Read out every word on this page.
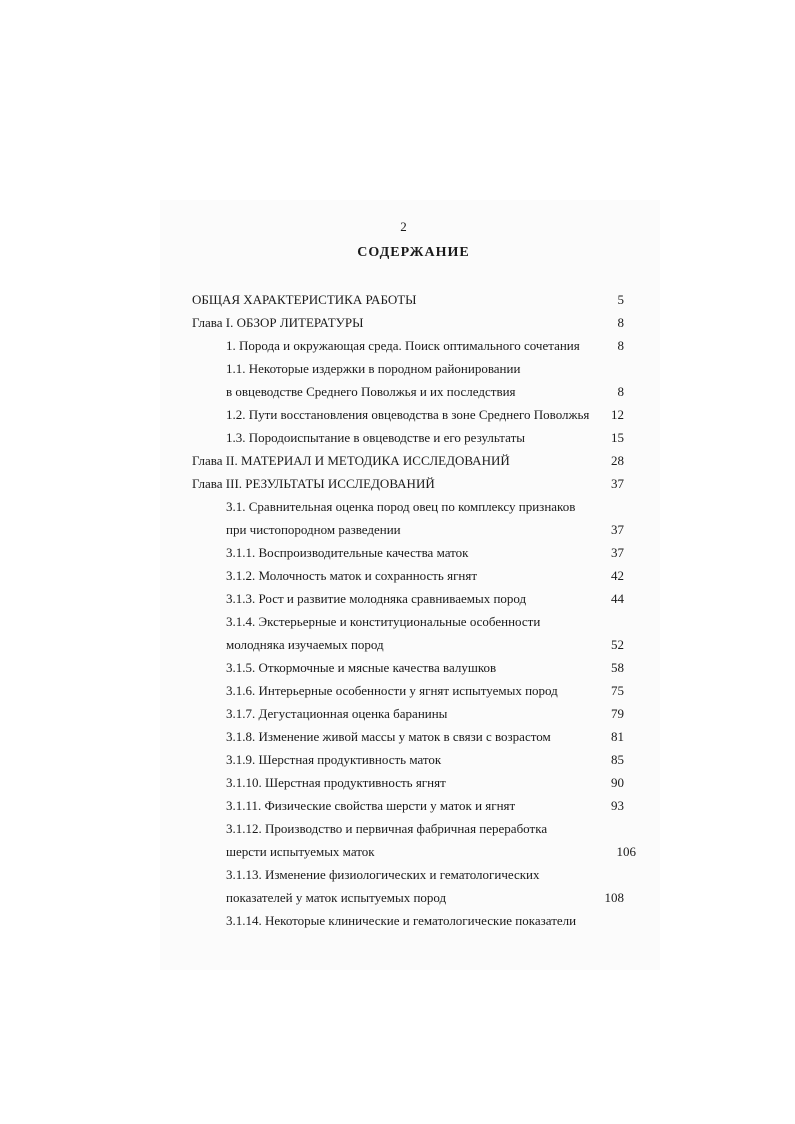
2
СОДЕРЖАНИЕ
ОБЩАЯ ХАРАКТЕРИСТИКА РАБОТЫ	5
Глава I. ОБЗОР ЛИТЕРАТУРЫ	8
1. Порода и окружающая среда. Поиск оптимального сочетания	8
1.1. Некоторые издержки в породном районировании
в овцеводстве Среднего Поволжья и их последствия	8
1.2. Пути восстановления овцеводства в зоне Среднего Поволжья	12
1.3. Породоиспытание в овцеводстве и его результаты	15
Глава II. МАТЕРИАЛ И МЕТОДИКА ИССЛЕДОВАНИЙ	28
Глава III. РЕЗУЛЬТАТЫ ИССЛЕДОВАНИЙ	37
3.1. Сравнительная оценка пород овец по комплексу признаков
при чистопородном разведении	37
3.1.1. Воспроизводительные качества маток	37
3.1.2. Молочность маток и сохранность ягнят	42
3.1.3. Рост и развитие молодняка сравниваемых пород	44
3.1.4. Экстерьерные и конституциональные особенности
молодняка изучаемых пород	52
3.1.5. Откормочные и мясные качества валушков	58
3.1.6. Интерьерные особенности у ягнят испытуемых пород	75
3.1.7. Дегустационная оценка баранины	79
3.1.8. Изменение живой массы у маток в связи с возрастом	81
3.1.9. Шерстная продуктивность маток	85
3.1.10. Шерстная продуктивность ягнят	90
3.1.11. Физические свойства шерсти у маток и ягнят	93
3.1.12. Производство и первичная фабричная переработка
шерсти испытуемых маток	106
3.1.13. Изменение физиологических и гематологических
показателей у маток испытуемых пород	108
3.1.14. Некоторые клинические и гематологические показатели
